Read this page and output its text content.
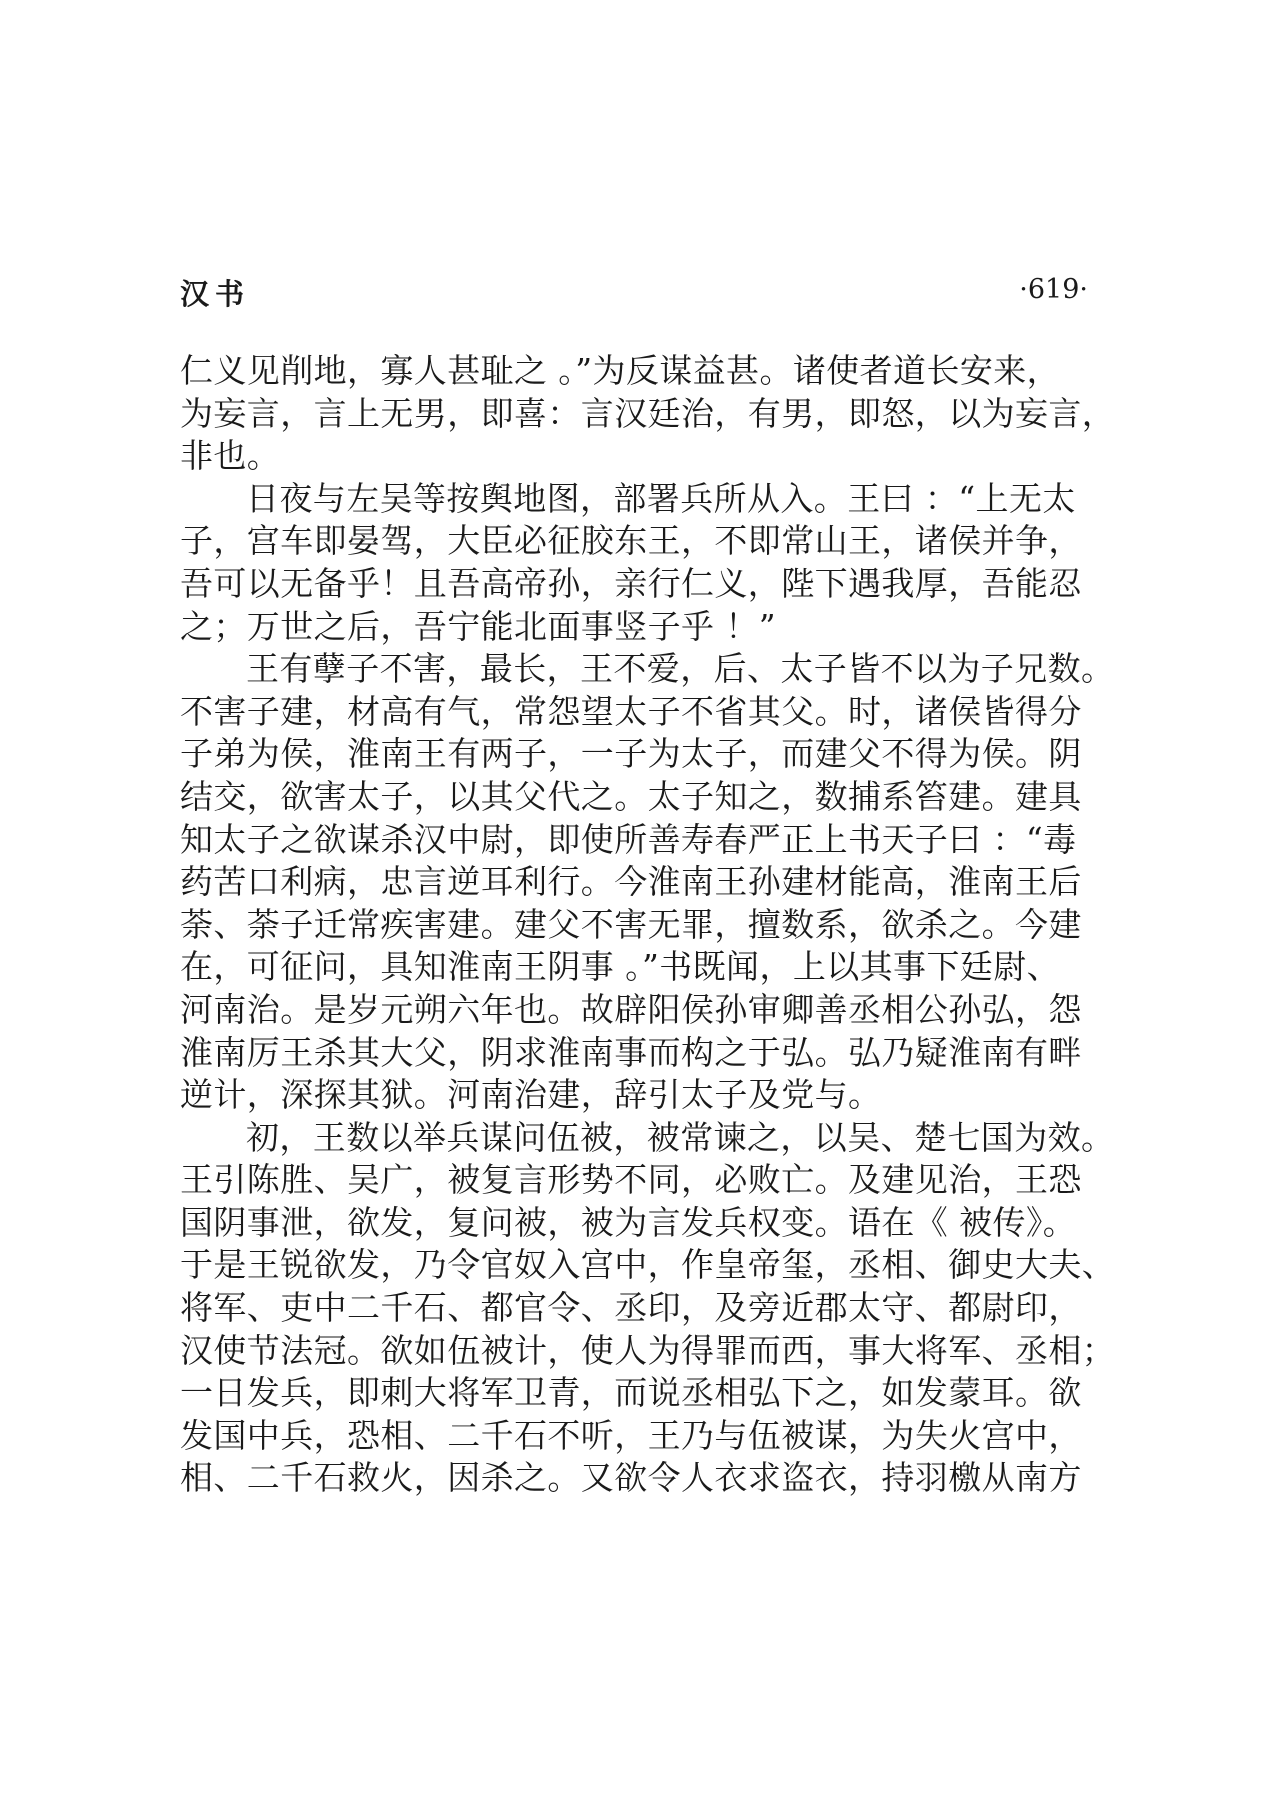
汉书	·619·
仁义见削地，寡人甚耻之 。”为反谋益甚。诸使者道长安来，
为妄言，言上无男，即喜：言汉廷治，有男，即怒，以为妄言，
非也。
日夜与左吴等按舆地图，部署兵所从入。王曰 ：“上无太
子，宫车即晏驾，大臣必征胶东王，不即常山王，诸侯并争，
吾可以无备乎！且吾高帝孙，亲行仁义，陛下遇我厚，吾能忍
之；万世之后，吾宁能北面事竖子乎 ！”
王有孽子不害，最长，王不爱，后、太子皆不以为子兄数。
不害子建，材高有气，常怨望太子不省其父。时，诸侯皆得分
子弟为侯，淮南王有两子，一子为太子，而建父不得为侯。阴
结交，欲害太子，以其父代之。太子知之，数捕系笞建。建具
知太子之欲谋杀汉中尉，即使所善寿春严正上书天子曰 ：“毒
药苦口利病，忠言逆耳利行。今淮南王孙建材能高，淮南王后
荼、荼子迁常疾害建。建父不害无罪，擅数系，欲杀之。今建
在，可征问，具知淮南王阴事 。”书既闻，上以其事下廷尉、
河南治。是岁元朔六年也。故辟阳侯孙审卿善丞相公孙弘，怨
淮南厉王杀其大父，阴求淮南事而构之于弘。弘乃疑淮南有畔
逆计，深探其狱。河南治建，辞引太子及党与。
初，王数以举兵谋问伍被，被常谏之，以吴、楚七国为效。
王引陈胜、吴广，被复言形势不同，必败亡。及建见治，王恐
国阴事泄，欲发，复问被，被为言发兵权变。语在《 被传》。
于是王锐欲发，乃令官奴入宫中，作皇帝玺，丞相、御史大夫、
将军、吏中二千石、都官令、丞印，及旁近郡太守、都尉印，
汉使节法冠。欲如伍被计，使人为得罪而西，事大将军、丞相；
一日发兵，即刺大将军卫青，而说丞相弘下之，如发蒙耳。欲
发国中兵，恐相、二千石不听，王乃与伍被谋，为失火宫中，
相、二千石救火，因杀之。又欲令人衣求盗衣，持羽檄从南方
